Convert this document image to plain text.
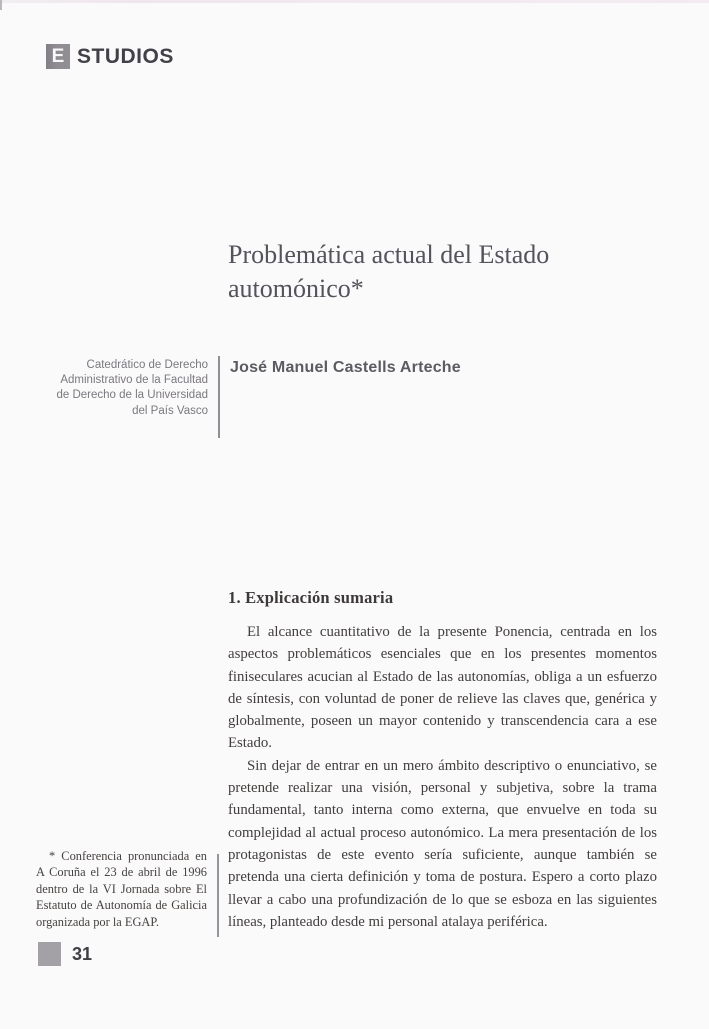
E STUDIOS
Problemática actual del Estado
automónico*
Catedrático de Derecho
Administrativo de la Facultad
de Derecho de la Universidad
del País Vasco
José Manuel Castells Arteche
1. Explicación sumaria

El alcance cuantitativo de la presente Ponencia, centrada en los aspectos problemáticos esenciales que en los presentes momentos finiseculares acucian al Estado de las autonomías, obliga a un esfuerzo de síntesis, con voluntad de poner de relieve las claves que, genérica y globalmente, poseen un mayor contenido y transcendencia cara a ese Estado.

Sin dejar de entrar en un mero ámbito descriptivo o enunciativo, se pretende realizar una visión, personal y subjetiva, sobre la trama fundamental, tanto interna como externa, que envuelve en toda su complejidad al actual proceso autonómico. La mera presentación de los protagonistas de este evento sería suficiente, aunque también se pretenda una cierta definición y toma de postura. Espero a corto plazo llevar a cabo una profundización de lo que se esboza en las siguientes líneas, planteado desde mi personal atalaya periférica.

* Conferencia pronunciada en A Coruña el 23 de abril de 1996 dentro de la VI Jornada sobre El Estatuto de Autonomía de Galicia organizada por la EGAP.
31
